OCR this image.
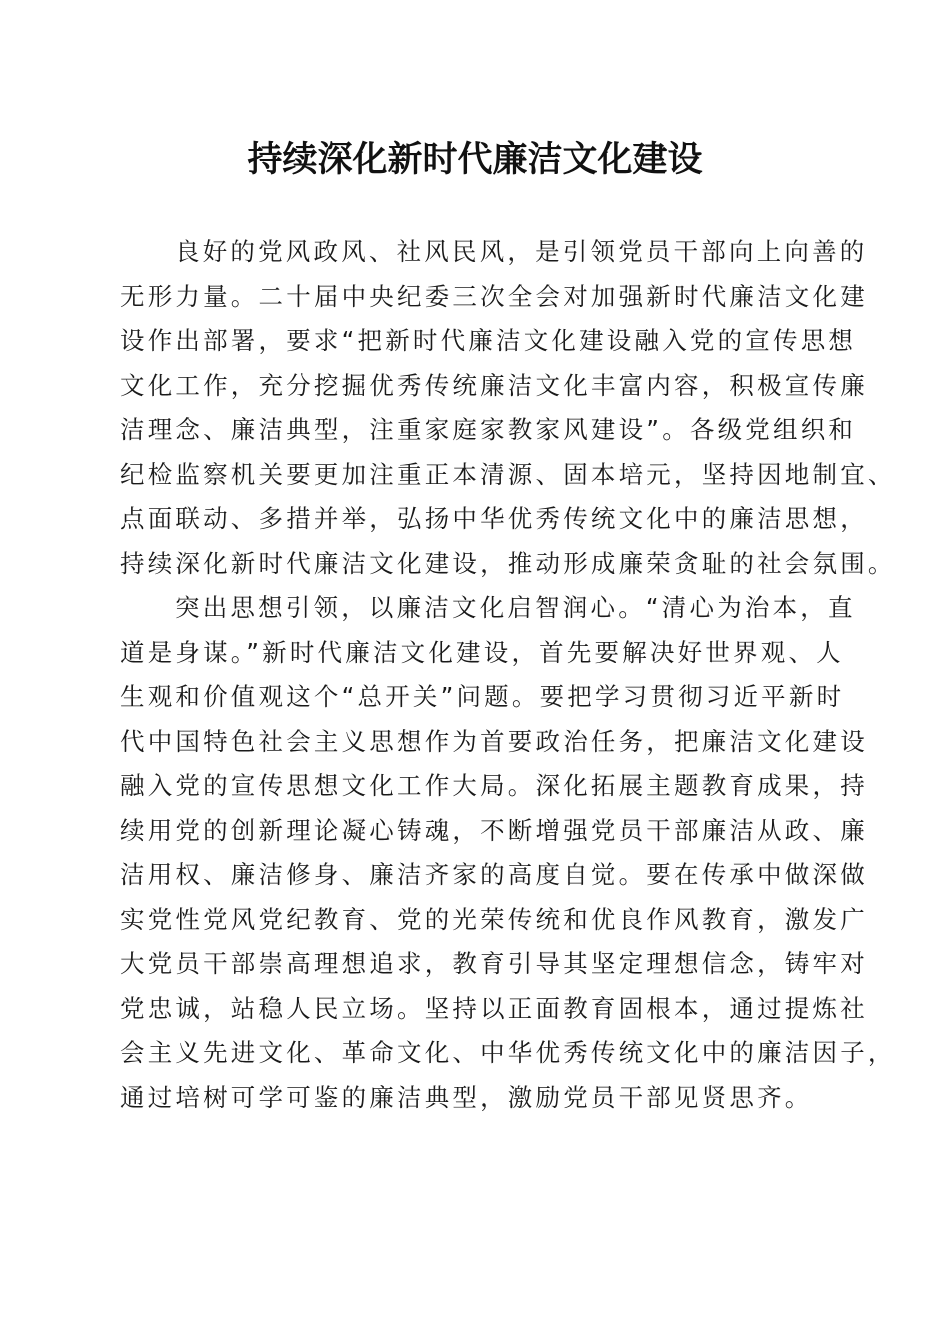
持续深化新时代廉洁文化建设
良好的党风政风、社风民风，是引领党员干部向上向善的
无形力量。二十届中央纪委三次全会对加强新时代廉洁文化建
设作出部署，要求“把新时代廉洁文化建设融入党的宣传思想
文化工作，充分挖掘优秀传统廉洁文化丰富内容，积极宣传廉
洁理念、廉洁典型，注重家庭家教家风建设”。各级党组织和
纪检监察机关要更加注重正本清源、固本培元，坚持因地制宜、
点面联动、多措并举，弘扬中华优秀传统文化中的廉洁思想，
持续深化新时代廉洁文化建设，推动形成廉荣贪耻的社会氛围。
突出思想引领，以廉洁文化启智润心。“清心为治本，直
道是身谋。”新时代廉洁文化建设，首先要解决好世界观、人
生观和价值观这个“总开关”问题。要把学习贯彻习近平新时
代中国特色社会主义思想作为首要政治任务，把廉洁文化建设
融入党的宣传思想文化工作大局。深化拓展主题教育成果，持
续用党的创新理论凝心铸魂，不断增强党员干部廉洁从政、廉
洁用权、廉洁修身、廉洁齐家的高度自觉。要在传承中做深做
实党性党风党纪教育、党的光荣传统和优良作风教育，激发广
大党员干部崇高理想追求，教育引导其坚定理想信念，铸牢对
党忠诚，站稳人民立场。坚持以正面教育固根本，通过提炼社
会主义先进文化、革命文化、中华优秀传统文化中的廉洁因子，
通过培树可学可鉴的廉洁典型，激励党员干部见贤思齐。
